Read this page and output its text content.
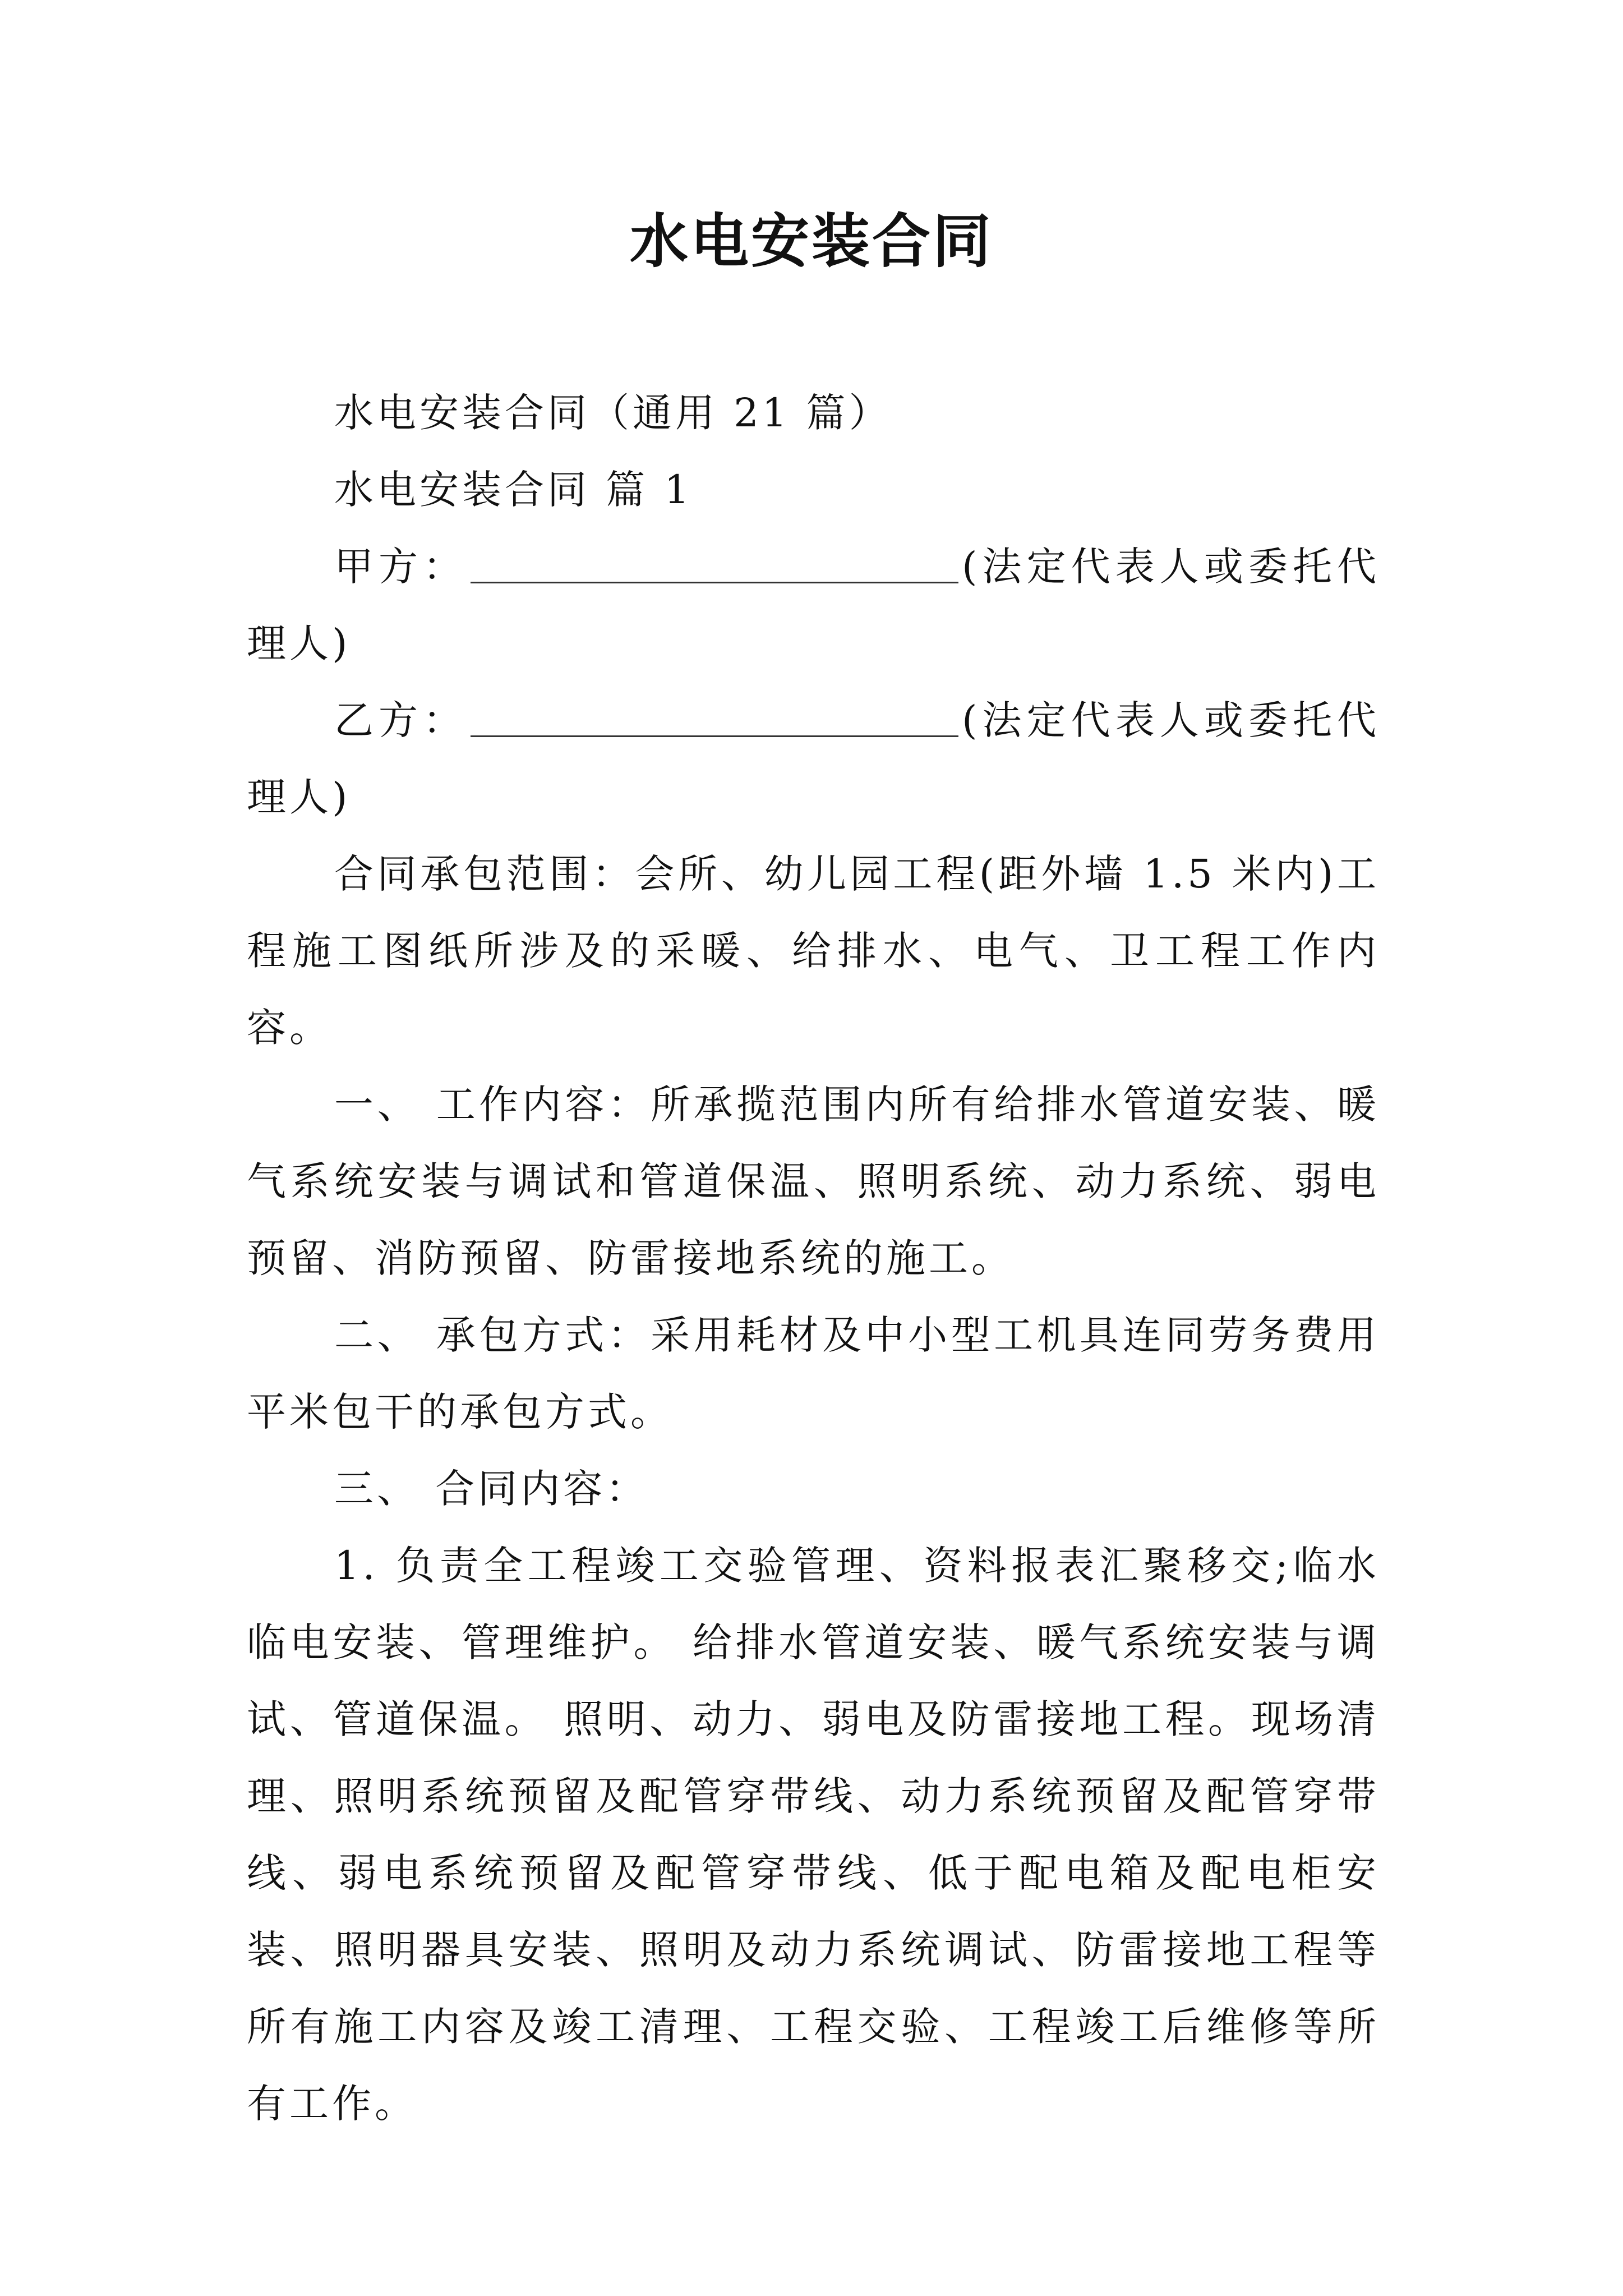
水电安装合同

水电安装合同（通用 21 篇）

水电安装合同 篇 1

甲方：	(法定代表人或委托代理人)

乙方：	(法定代表人或委托代理人)

合同承包范围：会所、幼儿园工程(距外墙 1.5 米内)工程施工图纸所涉及的采暖、给排水、电气、卫工程工作内容。

一、 工作内容：所承揽范围内所有给排水管道安装、暖气系统安装与调试和管道保温、照明系统、动力系统、弱电预留、消防预留、防雷接地系统的施工。

二、 承包方式：采用耗材及中小型工机具连同劳务费用平米包干的承包方式。

三、 合同内容：

1. 负责全工程竣工交验管理、资料报表汇聚移交;临水临电安装、管理维护。 给排水管道安装、暖气系统安装与调试、管道保温。 照明、动力、弱电及防雷接地工程。现场清理、照明系统预留及配管穿带线、动力系统预留及配管穿带线、弱电系统预留及配管穿带线、低于配电箱及配电柜安装、照明器具安装、照明及动力系统调试、防雷接地工程等所有施工内容及竣工清理、工程交验、工程竣工后维修等所有工作。
